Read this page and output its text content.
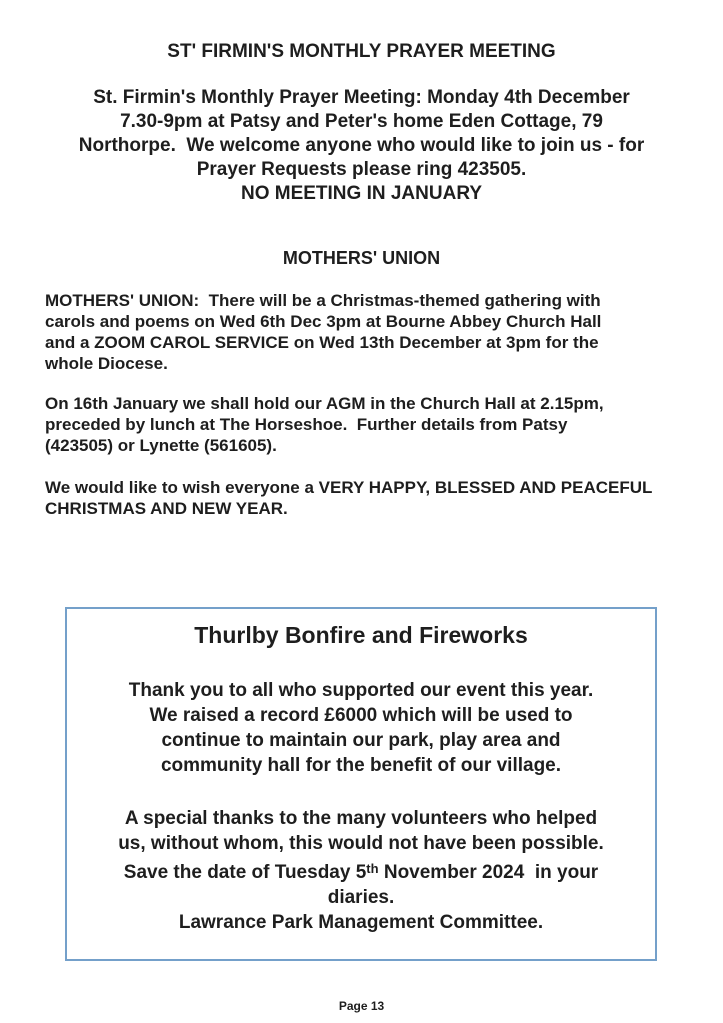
ST' FIRMIN'S MONTHLY PRAYER MEETING
St. Firmin's Monthly Prayer Meeting: Monday 4th December
7.30-9pm at Patsy and Peter's home Eden Cottage, 79
Northorpe.  We welcome anyone who would like to join us - for
Prayer Requests please ring 423505.
NO MEETING IN JANUARY
MOTHERS' UNION
MOTHERS' UNION:  There will be a Christmas-themed gathering with
carols and poems on Wed 6th Dec 3pm at Bourne Abbey Church Hall
and a ZOOM CAROL SERVICE on Wed 13th December at 3pm for the
whole Diocese.
On 16th January we shall hold our AGM in the Church Hall at 2.15pm,
preceded by lunch at The Horseshoe.  Further details from Patsy
(423505) or Lynette (561605).
We would like to wish everyone a VERY HAPPY, BLESSED AND PEACEFUL
CHRISTMAS AND NEW YEAR.
Thurlby Bonfire and Fireworks
Thank you to all who supported our event this year.
We raised a record £6000 which will be used to
continue to maintain our park, play area and
community hall for the benefit of our village.
A special thanks to the many volunteers who helped
us, without whom, this would not have been possible.
Save the date of Tuesday 5th November 2024  in your
diaries.
Lawrance Park Management Committee.
Page 13
